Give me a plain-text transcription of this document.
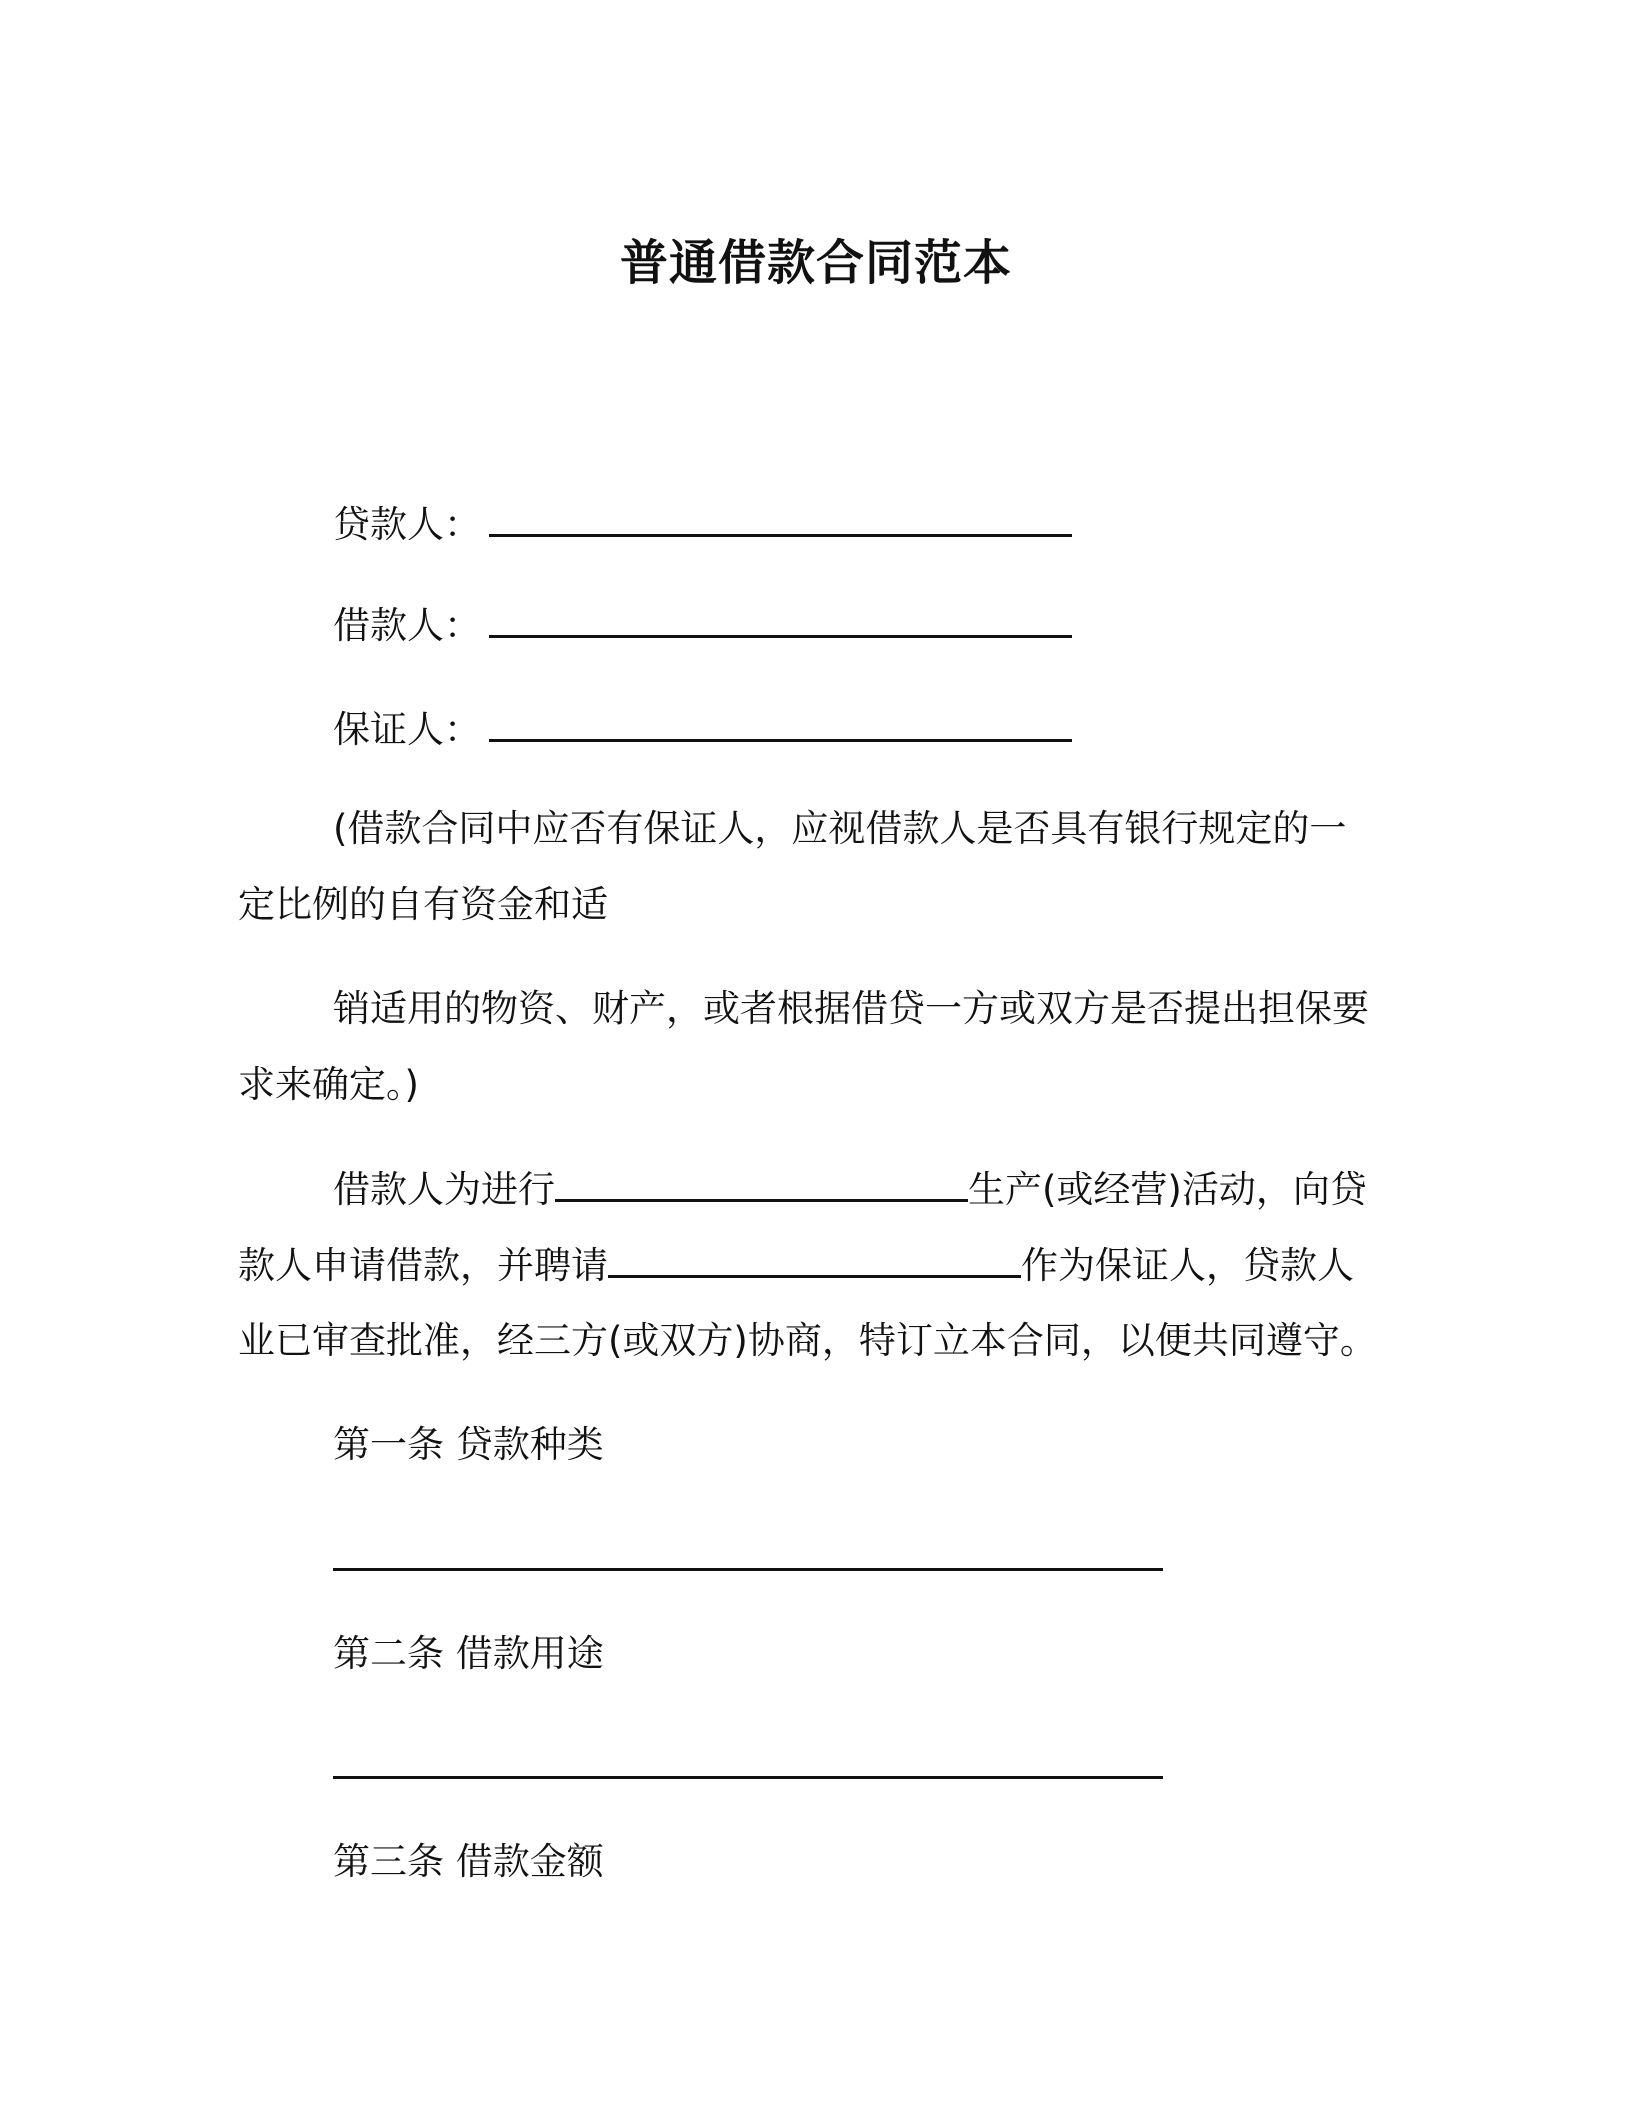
普通借款合同范本
贷款人：
借款人：
保证人：
(借款合同中应否有保证人，应视借款人是否具有银行规定的一
定比例的自有资金和适
销适用的物资、财产，或者根据借贷一方或双方是否提出担保要
求来确定。)
借款人为进行	生产(或经营)活动，向贷
款人申请借款，并聘请	作为保证人，贷款人
业已审查批准，经三方(或双方)协商，特订立本合同，以便共同遵守。
第一条 贷款种类
第二条 借款用途
第三条 借款金额
